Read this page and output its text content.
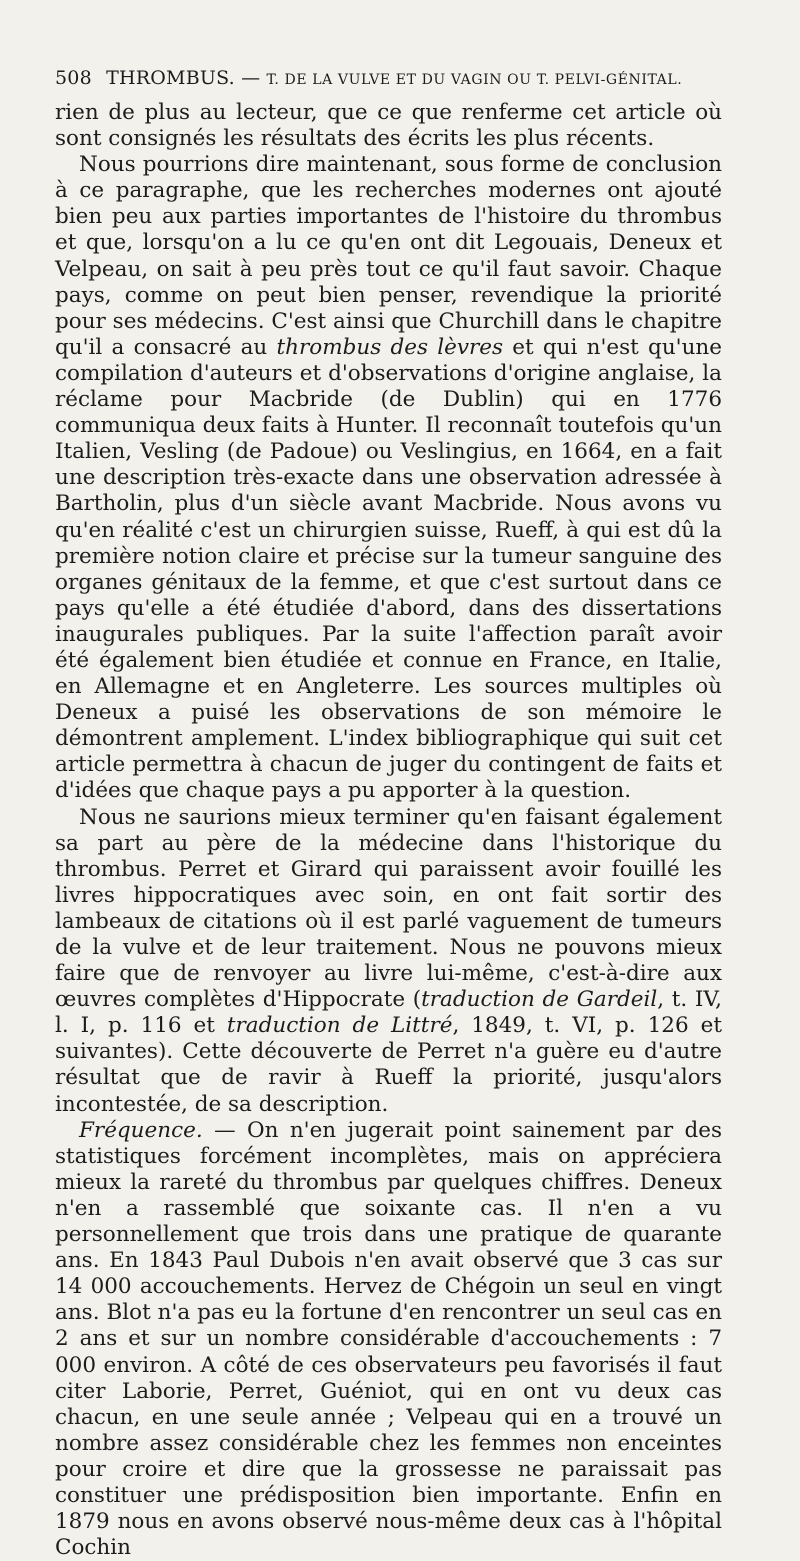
508 THROMBUS. — T. DE LA VULVE ET DU VAGIN OU T. PELVI-GÉNITAL.

rien de plus au lecteur, que ce que renferme cet article où sont consignés les résultats des écrits les plus récents.

Nous pourrions dire maintenant, sous forme de conclusion à ce paragraphe, que les recherches modernes ont ajouté bien peu aux parties importantes de l'histoire du thrombus et que, lorsqu'on a lu ce qu'en ont dit Legouais, Deneux et Velpeau, on sait à peu près tout ce qu'il faut savoir. Chaque pays, comme on peut bien penser, revendique la priorité pour ses médecins. C'est ainsi que Churchill dans le chapitre qu'il a consacré au thrombus des lèvres et qui n'est qu'une compilation d'auteurs et d'observations d'origine anglaise, la réclame pour Macbride (de Dublin) qui en 1776 communiqua deux faits à Hunter. Il reconnaît toutefois qu'un Italien, Vesling (de Padoue) ou Veslingius, en 1664, en a fait une description très-exacte dans une observation adressée à Bartholin, plus d'un siècle avant Macbride. Nous avons vu qu'en réalité c'est un chirurgien suisse, Rueff, à qui est dû la première notion claire et précise sur la tumeur sanguine des organes génitaux de la femme, et que c'est surtout dans ce pays qu'elle a été étudiée d'abord, dans des dissertations inaugurales publiques. Par la suite l'affection paraît avoir été également bien étudiée et connue en France, en Italie, en Allemagne et en Angleterre. Les sources multiples où Deneux a puisé les observations de son mémoire le démontrent amplement. L'index bibliographique qui suit cet article permettra à chacun de juger du contingent de faits et d'idées que chaque pays a pu apporter à la question.

Nous ne saurions mieux terminer qu'en faisant également sa part au père de la médecine dans l'historique du thrombus. Perret et Girard qui paraissent avoir fouillé les livres hippocratiques avec soin, en ont fait sortir des lambeaux de citations où il est parlé vaguement de tumeurs de la vulve et de leur traitement. Nous ne pouvons mieux faire que de renvoyer au livre lui-même, c'est-à-dire aux œuvres complètes d'Hippocrate (traduction de Gardeil, t. IV, l. I, p. 116 et traduction de Littré, 1849, t. VI, p. 126 et suivantes). Cette découverte de Perret n'a guère eu d'autre résultat que de ravir à Rueff la priorité, jusqu'alors incontestée, de sa description.

Fréquence. — On n'en jugerait point sainement par des statistiques forcément incomplètes, mais on appréciera mieux la rareté du thrombus par quelques chiffres. Deneux n'en a rassemblé que soixante cas. Il n'en a vu personnellement que trois dans une pratique de quarante ans. En 1843 Paul Dubois n'en avait observé que 3 cas sur 14 000 accouchements. Hervez de Chégoin un seul en vingt ans. Blot n'a pas eu la fortune d'en rencontrer un seul cas en 2 ans et sur un nombre considérable d'accouchements : 7 000 environ. A côté de ces observateurs peu favorisés il faut citer Laborie, Perret, Guéniot, qui en ont vu deux cas chacun, en une seule année ; Velpeau qui en a trouvé un nombre assez considérable chez les femmes non enceintes pour croire et dire que la grossesse ne paraissait pas constituer une prédisposition bien importante. Enfin en 1879 nous en avons observé nous-même deux cas à l'hôpital Cochin
